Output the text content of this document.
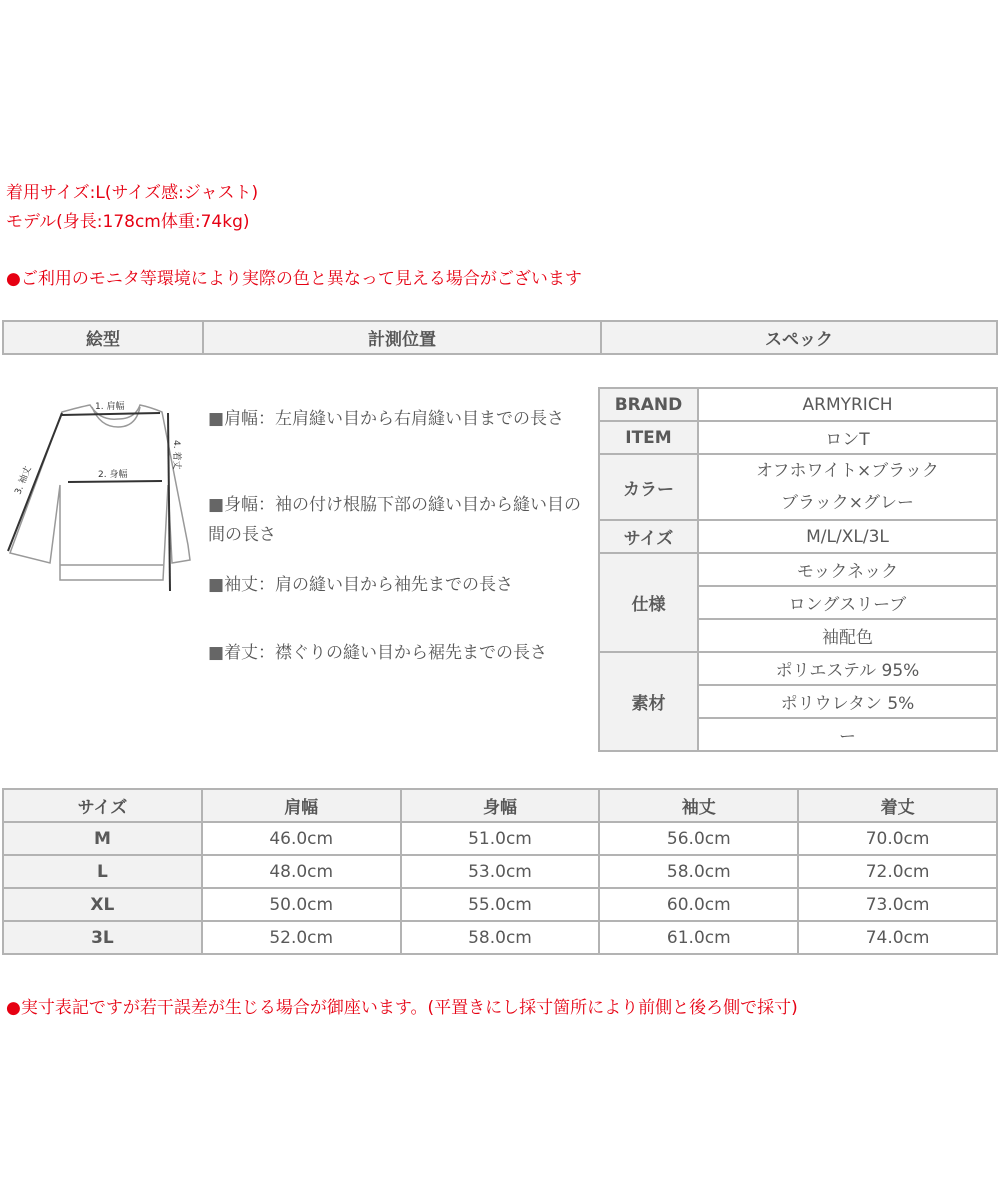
着用サイズ:L(サイズ感:ジャスト)
モデル(身長:178cm体重:74kg)
●ご利用のモニタ等環境により実際の色と異なって見える場合がございます
絵型	計測位置	スペック
1. 肩幅
2. 身幅
3. 袖丈
4. 着丈
■肩幅：左肩縫い目から右肩縫い目までの長さ
■身幅：袖の付け根脇下部の縫い目から縫い目の間の長さ
■袖丈：肩の縫い目から袖先までの長さ
■着丈：襟ぐりの縫い目から裾先までの長さ
BRAND	ARMYRICH
ITEM	ロンT
カラー	オフホワイト×ブラック
ブラック×グレー

サイズ	M/L/XL/3L
仕様	モックネック
	ロングスリーブ
	袖配色
素材	ポリエステル 95%
	ポリウレタン 5%
	ー
サイズ	肩幅	身幅	袖丈	着丈
M	46.0cm	51.0cm	56.0cm	70.0cm
L	48.0cm	53.0cm	58.0cm	72.0cm
XL	50.0cm	55.0cm	60.0cm	73.0cm
3L	52.0cm	58.0cm	61.0cm	74.0cm
●実寸表記ですが若干誤差が生じる場合が御座います。(平置きにし採寸箇所により前側と後ろ側で採寸)
